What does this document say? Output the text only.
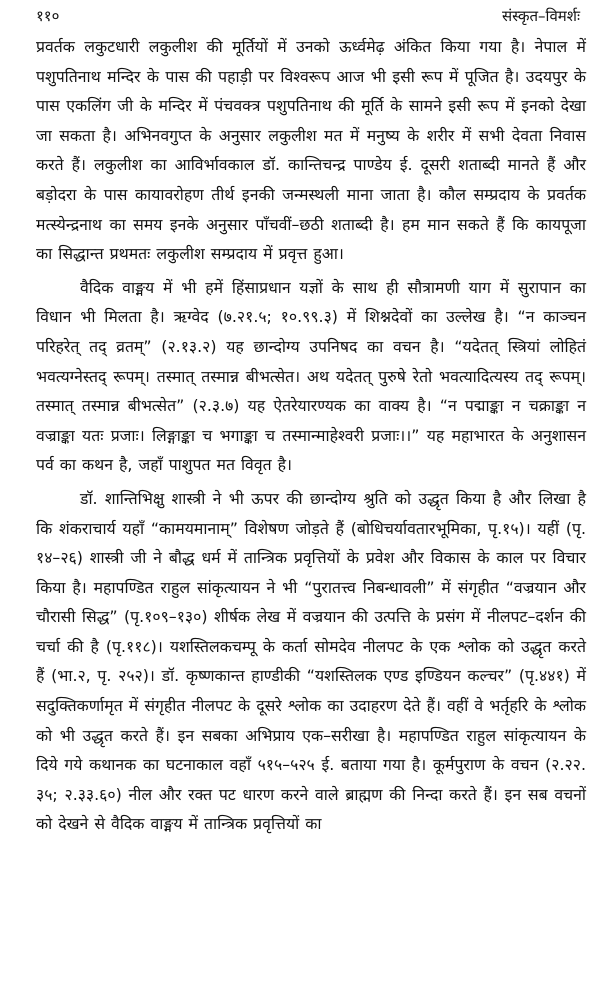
११०	संस्कृत–विमर्शः

प्रवर्तक लकुटधारी लकुलीश की मूर्तियों में उनको ऊर्ध्वमेढ़ अंकित किया गया है। नेपाल में पशुपतिनाथ मन्दिर के पास की पहाड़ी पर विश्वरूप आज भी इसी रूप में पूजित है। उदयपुर के पास एकलिंग जी के मन्दिर में पंचवक्त्र पशुपतिनाथ की मूर्ति के सामने इसी रूप में इनको देखा जा सकता है। अभिनवगुप्त के अनुसार लकुलीश मत में मनुष्य के शरीर में सभी देवता निवास करते हैं। लकुलीश का आविर्भावकाल डॉ. कान्तिचन्द्र पाण्डेय ई. दूसरी शताब्दी मानते हैं और बड़ोदरा के पास कायावरोहण तीर्थ इनकी जन्मस्थली माना जाता है। कौल सम्प्रदाय के प्रवर्तक मत्स्येन्द्रनाथ का समय इनके अनुसार पाँचवीं–छठी शताब्दी है। हम मान सकते हैं कि कायपूजा का सिद्धान्त प्रथमतः लकुलीश सम्प्रदाय में प्रवृत्त हुआ।

वैदिक वाङ्मय में भी हमें हिंसाप्रधान यज्ञों के साथ ही सौत्रामणी याग में सुरापान का विधान भी मिलता है। ऋग्वेद (७.२१.५; १०.९९.३) में शिश्नदेवों का उल्लेख है। “न काञ्चन परिहरेत् तद् व्रतम्” (२.१३.२) यह छान्दोग्य उपनिषद का वचन है। “यदेतत् स्त्रियां लोहितं भवत्यग्नेस्तद् रूपम्। तस्मात् तस्मान्न बीभत्सेत। अथ यदेतत् पुरुषे रेतो भवत्यादित्यस्य तद् रूपम्। तस्मात् तस्मान्न बीभत्सेत” (२.३.७) यह ऐतरेयारण्यक का वाक्य है। “न पद्माङ्का न चक्राङ्का न वज्राङ्का यतः प्रजाः। लिङ्गाङ्का च भगाङ्का च तस्मान्माहेश्वरी प्रजाः।।” यह महाभारत के अनुशासन पर्व का कथन है, जहाँ पाशुपत मत विवृत है।

डॉ. शान्तिभिक्षु शास्त्री ने भी ऊपर की छान्दोग्य श्रुति को उद्धृत किया है और लिखा है कि शंकराचार्य यहाँ “कामयमानाम्” विशेषण जोड़ते हैं (बोधिचर्यावतारभूमिका, पृ.१५)। यहीं (पृ. १४–२६) शास्त्री जी ने बौद्ध धर्म में तान्त्रिक प्रवृत्तियों के प्रवेश और विकास के काल पर विचार किया है। महापण्डित राहुल सांकृत्यायन ने भी “पुरातत्त्व निबन्धावली” में संगृहीत “वज्रयान और चौरासी सिद्ध” (पृ.१०९–१३०) शीर्षक लेख में वज्रयान की उत्पत्ति के प्रसंग में नीलपट–दर्शन की चर्चा की है (पृ.११८)। यशस्तिलकचम्पू के कर्ता सोमदेव नीलपट के एक श्लोक को उद्धृत करते हैं (भा.२, पृ. २५२)। डॉ. कृष्णकान्त हाण्डीकी “यशस्तिलक एण्ड इण्डियन कल्चर” (पृ.४४१) में सदुक्तिकर्णामृत में संगृहीत नीलपट के दूसरे श्लोक का उदाहरण देते हैं। वहीं वे भर्तृहरि के श्लोक को भी उद्धृत करते हैं। इन सबका अभिप्राय एक–सरीखा है। महापण्डित राहुल सांकृत्यायन के दिये गये कथानक का घटनाकाल वहाँ ५१५–५२५ ई. बताया गया है। कूर्मपुराण के वचन (२.२२. ३५; २.३३.६०) नील और रक्त पट धारण करने वाले ब्राह्मण की निन्दा करते हैं। इन सब वचनों को देखने से वैदिक वाङ्मय में तान्त्रिक प्रवृत्तियों का
